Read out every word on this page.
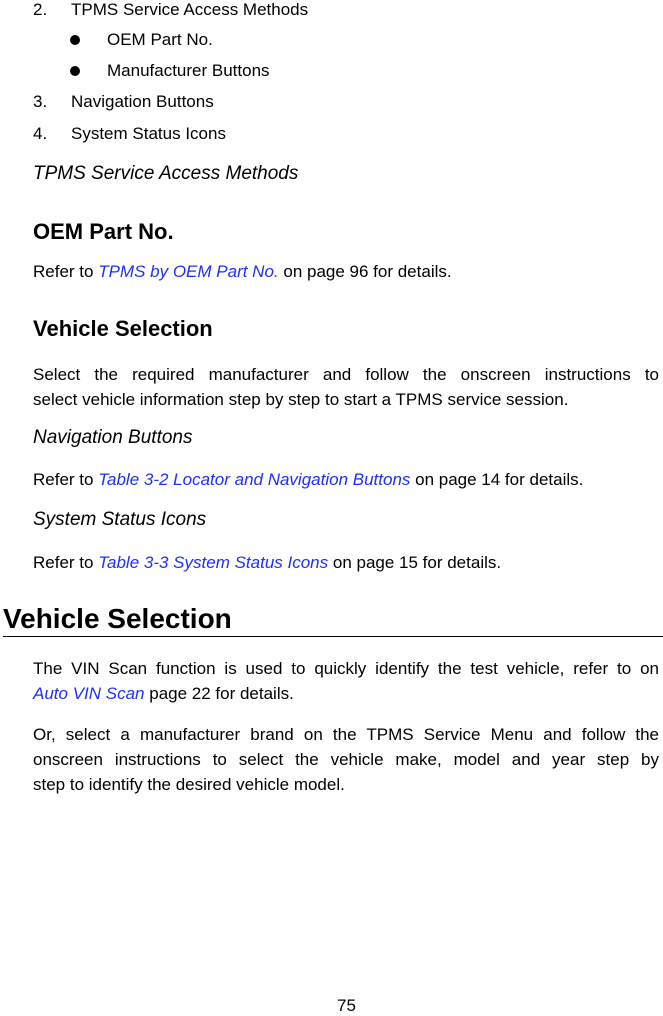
2. TPMS Service Access Methods
OEM Part No.
Manufacturer Buttons
3. Navigation Buttons
4. System Status Icons
TPMS Service Access Methods
OEM Part No.
Refer to TPMS by OEM Part No. on page 96 for details.
Vehicle Selection
Select the required manufacturer and follow the onscreen instructions to
select vehicle information step by step to start a TPMS service session.
Navigation Buttons
Refer to Table 3-2 Locator and Navigation Buttons on page 14 for details.
System Status Icons
Refer to Table 3-3 System Status Icons on page 15 for details.
Vehicle Selection
The VIN Scan function is used to quickly identify the test vehicle, refer to on
Auto VIN Scan page 22 for details.
Or, select a manufacturer brand on the TPMS Service Menu and follow the
onscreen instructions to select the vehicle make, model and year step by
step to identify the desired vehicle model.
75
